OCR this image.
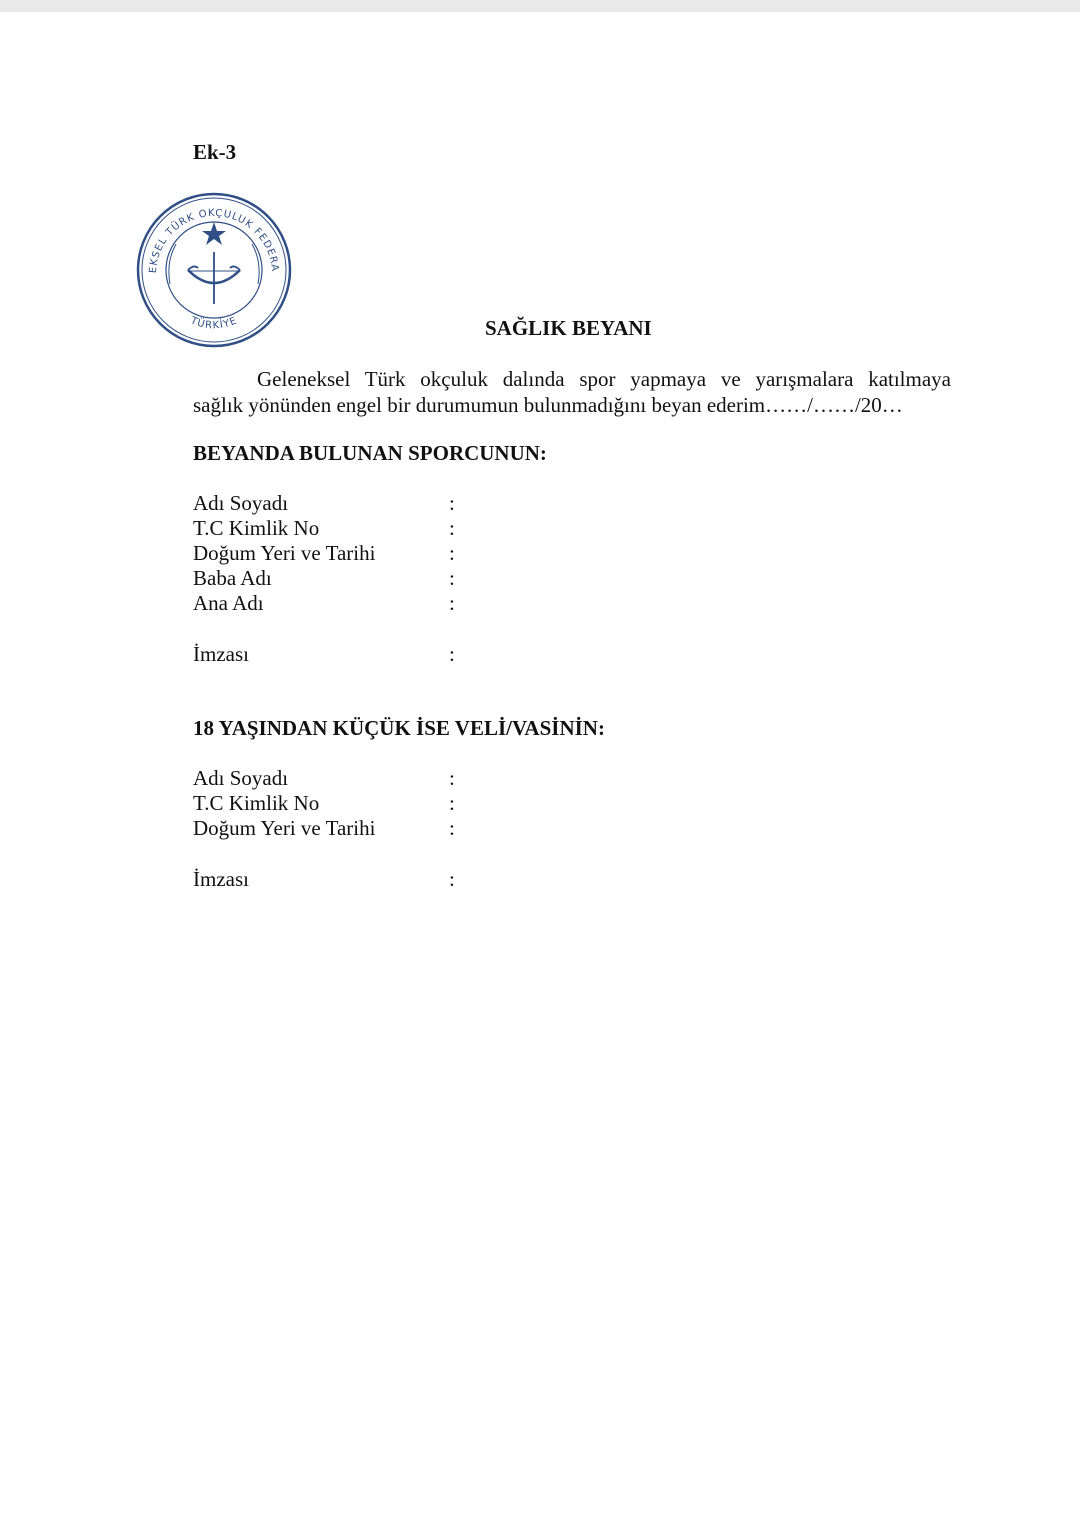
Ek-3
EKSEL TÜRK OKÇULUK FEDERA
TÜRKİYE	SAĞLIK BEYANI
Geleneksel Türk okçuluk dalında spor yapmaya ve yarışmalara katılmaya
sağlık yönünden engel bir durumumun bulunmadığını beyan ederim……/……/20…
BEYANDA BULUNAN SPORCUNUN:
Adı Soyadı	:
T.C Kimlik No	:
Doğum Yeri ve Tarihi	:
Baba Adı	:
Ana Adı	:
İmzası	:
18 YAŞINDAN KÜÇÜK İSE VELİ/VASİNİN:
Adı Soyadı	:
T.C Kimlik No	:
Doğum Yeri ve Tarihi	:
İmzası	:
